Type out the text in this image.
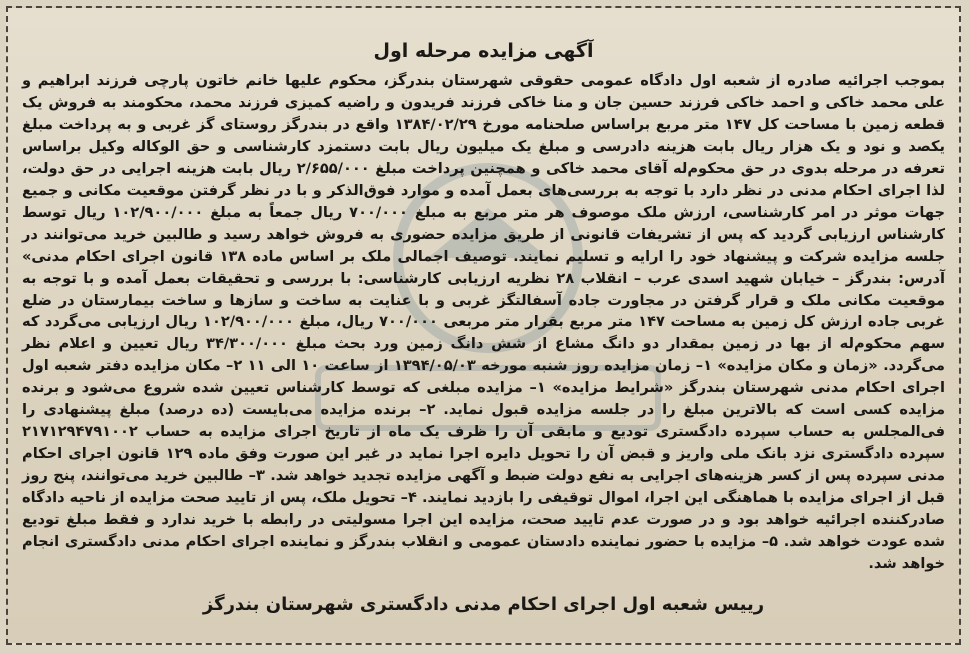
آگهی مزایده مرحله اول
بموجب اجرائیه صادره از شعبه اول دادگاه عمومی حقوقی شهرستان بندرگز، محکوم علیها خانم خاتون پارچی فرزند ابراهیم و علی محمد خاکی و احمد خاکی فرزند حسین جان و منا خاکی فرزند فریدون و راضیه کمیزی فرزند محمد، محکومند به فروش یک قطعه زمین با مساحت کل ۱۴۷ متر مربع براساس صلحنامه مورخ ۱۳۸۴/۰۲/۲۹ واقع در بندرگز روستای گز غربی و به پرداخت مبلغ یکصد و نود و یک هزار ریال بابت هزینه دادرسی و مبلغ یک میلیون ریال بابت دستمزد کارشناسی و حق الوکاله وکیل براساس تعرفه در مرحله بدوی در حق محکوم‌له آقای محمد خاکی و همچنین پرداخت مبلغ ۲/۶۵۵/۰۰۰ ریال بابت هزینه اجرایی در حق دولت، لذا اجرای احکام مدنی در نظر دارد با توجه به بررسی‌های بعمل آمده و موارد فوق‌الذکر و با در نظر گرفتن موقعیت مکانی و جمیع جهات موثر در امر کارشناسی، ارزش ملک موصوف هر متر مربع به مبلغ ۷۰۰/۰۰۰ ریال جمعاً به مبلغ ۱۰۲/۹۰۰/۰۰۰ ریال توسط کارشناس ارزیابی گردید که پس از تشریفات قانونی از طریق مزایده حضوری به فروش خواهد رسید و طالبین خرید می‌توانند در جلسه مزایده شرکت و پیشنهاد خود را ارایه و تسلیم نمایند. توصیف اجمالی ملک بر اساس ماده ۱۳۸ قانون اجرای احکام مدنی» آدرس: بندرگز – خیابان شهید اسدی عرب – انقلاب ۲۸ نظریه ارزیابی کارشناسی: با بررسی و تحقیقات بعمل آمده و با توجه به موقعیت مکانی ملک و قرار گرفتن در مجاورت جاده آسفالتگز غربی و با عنایت به ساخت و سازها و ساخت بیمارستان در ضلع غربی جاده ارزش کل زمین به مساحت ۱۴۷ متر مربع بقرار متر مربعی ۷۰۰/۰۰۰ ریال، مبلغ ۱۰۲/۹۰۰/۰۰۰ ریال ارزیابی می‌گردد که سهم محکوم‌له از بها در زمین بمقدار دو دانگ مشاع از شش دانگ زمین ورد بحث مبلغ ۳۴/۳۰۰/۰۰۰ ریال تعیین و اعلام نظر می‌گردد. «زمان و مکان مزایده» ۱– زمان مزایده روز شنبه مورخه ۱۳۹۴/۰۵/۰۳ از ساعت ۱۰ الی ۱۱ ۲– مکان مزایده دفتر شعبه اول اجرای احکام مدنی شهرستان بندرگز «شرایط مزایده» ۱– مزایده مبلغی که توسط کارشناس تعیین شده شروع می‌شود و برنده مزایده کسی است که بالاترین مبلغ را در جلسه مزایده قبول نماید. ۲– برنده مزایده می‌بایست (ده درصد) مبلغ پیشنهادی را فی‌المجلس به حساب سپرده دادگستری تودیع و مابقی آن را ظرف یک ماه از تاریخ اجرای مزایده به حساب ۲۱۷۱۲۹۴۷۹۱۰۰۲ سپرده دادگستری نزد بانک ملی واریز و قبض آن را تحویل دایره اجرا نماید در غیر این صورت وفق ماده ۱۲۹ قانون اجرای احکام مدنی سپرده پس از کسر هزینه‌های اجرایی به نفع دولت ضبط و آگهی مزایده تجدید خواهد شد. ۳– طالبین خرید می‌توانند، پنج روز قبل از اجرای مزایده با هماهنگی این اجرا، اموال توقیفی را بازدید نمایند. ۴– تحویل ملک، پس از تایید صحت مزایده از ناحیه دادگاه صادرکننده اجرائیه خواهد بود و در صورت عدم تایید صحت، مزایده این اجرا مسولیتی در رابطه با خرید ندارد و فقط مبلغ تودیع شده عودت خواهد شد. ۵– مزایده با حضور نماینده دادستان عمومی و انقلاب بندرگز و نماینده اجرای احکام مدنی دادگستری انجام خواهد شد.
رییس شعبه اول اجرای احکام مدنی دادگستری شهرستان بندرگز
